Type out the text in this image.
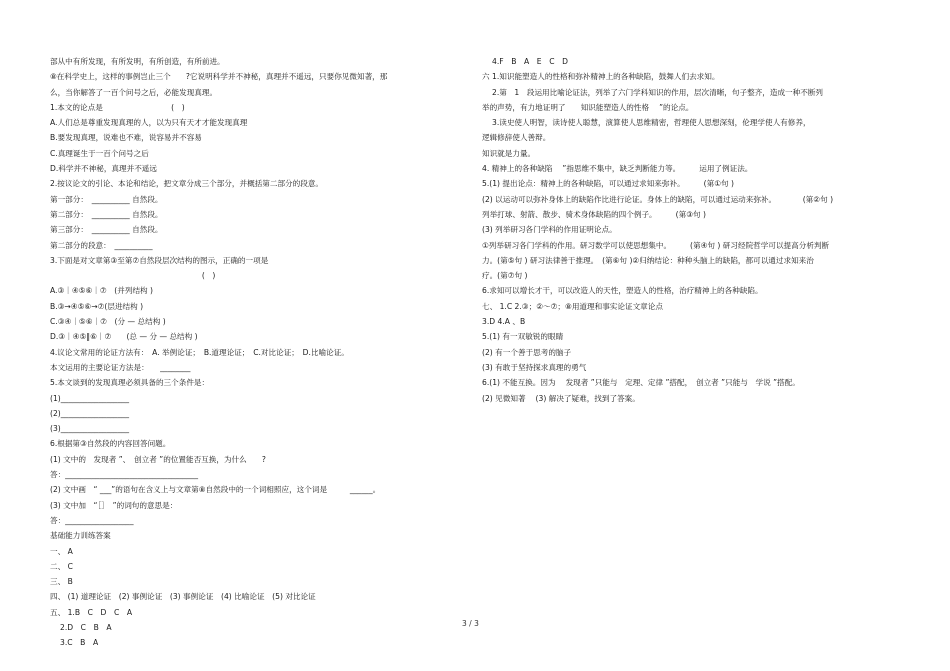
部从中有所发现，有所发明，有所创造，有所前进。
⑧在科学史上，这样的事例岂止三个　　?它说明科学并不神秘，真理并不遥远，只要你见微知著，那
么，当你解答了一百个问号之后，必能发现真理。
1.本文的论点是　　　　　　　　　(　)
A.人们总是尊重发现真理的人，以为只有天才才能发现真理
B.要发现真理，说难也不难，说容易并不容易
C.真理诞生于一百个问号之后
D.科学并不神秘，真理并不遥远
2.按议论文的引论、本论和结论，把文章分成三个部分，并概括第二部分的段意。
第一部分：　__________ 自然段。
第二部分：　__________ 自然段。
第三部分：　__________ 自然段。
第二部分的段意：　__________
3.下面是对文章第③至第⑦自然段层次结构的图示，正确的一项是
　　　　　　　　　　　　　　　　　　　　(　)
A.③｜④⑤⑥｜⑦　(并列结构 )
B.③→④⑤⑥→⑦(层进结构 )
C.③④｜⑤⑥｜⑦　(分 — 总结构 )
D.③｜④⑤‖⑥｜⑦　　(总 — 分 — 总结构 )
4.议论文常用的论证方法有：　A. 举例论证；　B.道理论证；　C.对比论证；　D.比喻论证。
本文运用的主要论证方法是：　　________
5.本文谈到的发现真理必须具备的三个条件是：
(1)__________________
(2)__________________
(3)__________________
6.根据第③自然段的内容回答问题。
(1) 文中的　发现者 ”、　创立者 ”的位置能否互换，为什么　　?
答：___________________________________
(2) 文中画　“ ___”的语句在含义上与文章第⑧自然段中的一个词相照应，这个词是　　　______。
(3) 文中加　“［］　”的词句的意思是：
答：__________________
基础能力训练答案
一、 A
二、 C
三、 B
四、 (1) 道理论证　(2) 事例论证　(3) 事例论证　(4) 比喻论证　(5) 对比论证
五、 1.B　C　D　C　A
2.D　C　B　A
3.C　B　A
4.F　B　A　E　C　D
六 1.知识能塑造人的性格和弥补精神上的各种缺陷，鼓舞人们去求知。
2.第　1　段运用比喻论证法，列举了六门学科知识的作用，层次清晰，句子整齐，造成一种不断列
举的声势，有力地证明了　　知识能塑造人的性格　 ”的论点。
3.读史使人明智，读诗使人聪慧，演算使人思维精密，哲理使人思想深刻，伦理学使人有修养，
逻辑修辞使人善辩。
知识就是力量。
4. 精神上的各种缺陷　 ”指思维不集中，缺乏判断能力等。　　　运用了例证法。
5.(1) 提出论点：精神上的各种缺陷，可以通过求知来弥补。　　　(第①句 )
(2) 以运动可以弥补身体上的缺陷作比进行论证。身体上的缺陷，可以通过运动来弥补。　　　　(第②句 )
列举打球、射箭、散步、骑术身体缺陷的四个例子。　　　(第③句 )
(3) 列举研习各门学科的作用证明论点。
①列举研习各门学科的作用。研习数学可以使思想集中。　　　(第④句 ) 研习经院哲学可以提高分析判断
力。(第⑤句 ) 研习法律善于推理。　(第⑥句 )②归纳结论：种种头脑上的缺陷，都可以通过求知来治
疗。(第⑦句 )
6.求知可以增长才干，可以改造人的天性，塑造人的性格，治疗精神上的各种缺陷。
七、 1.C 2.③；②～⑦；⑧用道理和事实论证文章论点
3.D 4.A 、B
5.(1) 有一双敏锐的眼睛
(2) 有一个善于思考的脑子
(3) 有敢于坚持探求真理的勇气
6.(1) 不能互换。因为　 发现者 ”只能与　定理、定律 ”搭配，　创立者 ”只能与　学说 ”搭配。
(2) 见微知著　 (3) 解决了疑难，找到了答案。
3 / 3
